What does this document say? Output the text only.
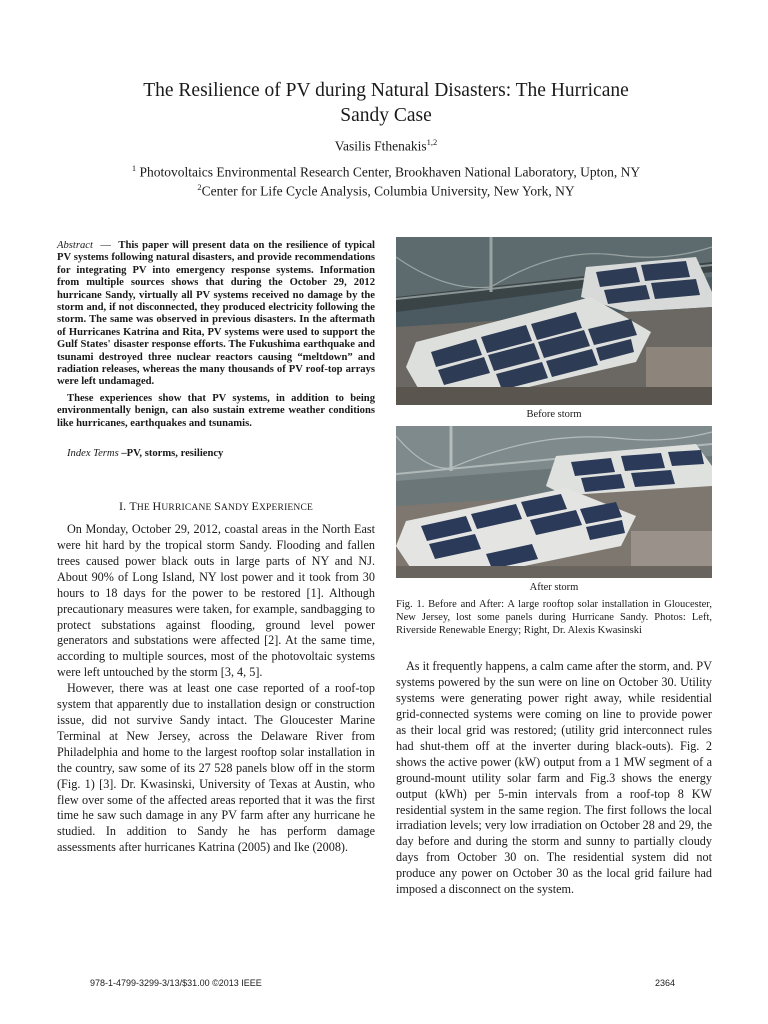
The Resilience of PV during Natural Disasters: The Hurricane
Sandy Case
Vasilis Fthenakis$^{1,2}$
$^1$ Photovoltaics Environmental Research Center, Brookhaven National Laboratory, Upton, NY
$^2$Center for Life Cycle Analysis, Columbia University, New York, NY

Abstract  —  This paper will present data on the resilience of typical PV systems following natural disasters, and provide recommendations for integrating PV into emergency response systems. Information from multiple sources shows that during the October 29, 2012 hurricane Sandy, virtually all PV systems received no damage by the storm and, if not disconnected, they produced electricity following the storm. The same was observed in previous disasters. In the aftermath of Hurricanes Katrina and Rita, PV systems were used to support the Gulf States' disaster response efforts. The Fukushima earthquake and tsunami destroyed three nuclear reactors causing “meltdown” and radiation releases, whereas the many thousands of PV roof-top arrays were left undamaged.

These experiences show that PV systems, in addition to being environmentally benign, can also sustain extreme weather conditions like hurricanes, earthquakes and tsunamis.

Index Terms –PV, storms, resiliency
I. THE HURRICANE SANDY EXPERIENCE

On Monday, October 29, 2012, coastal areas in the North East were hit hard by the tropical storm Sandy. Flooding and fallen trees caused power black outs in large parts of NY and NJ. About 90% of Long Island, NY lost power and it took from 30 hours to 18 days for the power to be restored [1]. Although precautionary measures were taken, for example, sandbagging to protect substations against flooding, ground level power generators and substations were affected [2]. At the same time, according to multiple sources, most of the photovoltaic systems were left untouched by the storm [3, 4, 5].

However, there was at least one case reported of a roof-top system that apparently due to installation design or construction issue, did not survive Sandy intact. The Gloucester Marine Terminal at New Jersey, across the Delaware River from Philadelphia and home to the largest rooftop solar installation in the country, saw some of its 27 528 panels blow off in the storm (Fig. 1) [3]. Dr. Kwasinski, University of Texas at Austin, who flew over some of the affected areas reported that it was the first time he saw such damage in any PV farm after any hurricane he studied. In addition to Sandy he has perform damage assessments after hurricanes Katrina (2005) and Ike (2008).

Before storm
After storm

Fig. 1. Before and After: A large rooftop solar installation in Gloucester, New Jersey, lost some panels during Hurricane Sandy. Photos: Left, Riverside Renewable Energy; Right, Dr. Alexis Kwasinski

As it frequently happens, a calm came after the storm, and. PV systems powered by the sun were on line on October 30. Utility systems were generating power right away, while residential grid-connected systems were coming on line to provide power as their local grid was restored; (utility grid interconnect rules had shut-them off at the inverter during black-outs). Fig. 2 shows the active power (kW) output from a 1 MW segment of a ground-mount utility solar farm and Fig.3 shows the energy output (kWh) per 5-min intervals from a roof-top 8 KW residential system in the same region. The first follows the local irradiation levels; very low irradiation on October 28 and 29, the day before and during the storm and sunny to partially cloudy days from October 30 on. The residential system did not produce any power on October 30 as the local grid failure had imposed a disconnect on the system.

978-1-4799-3299-3/13/$31.00 ©2013 IEEE	2364
